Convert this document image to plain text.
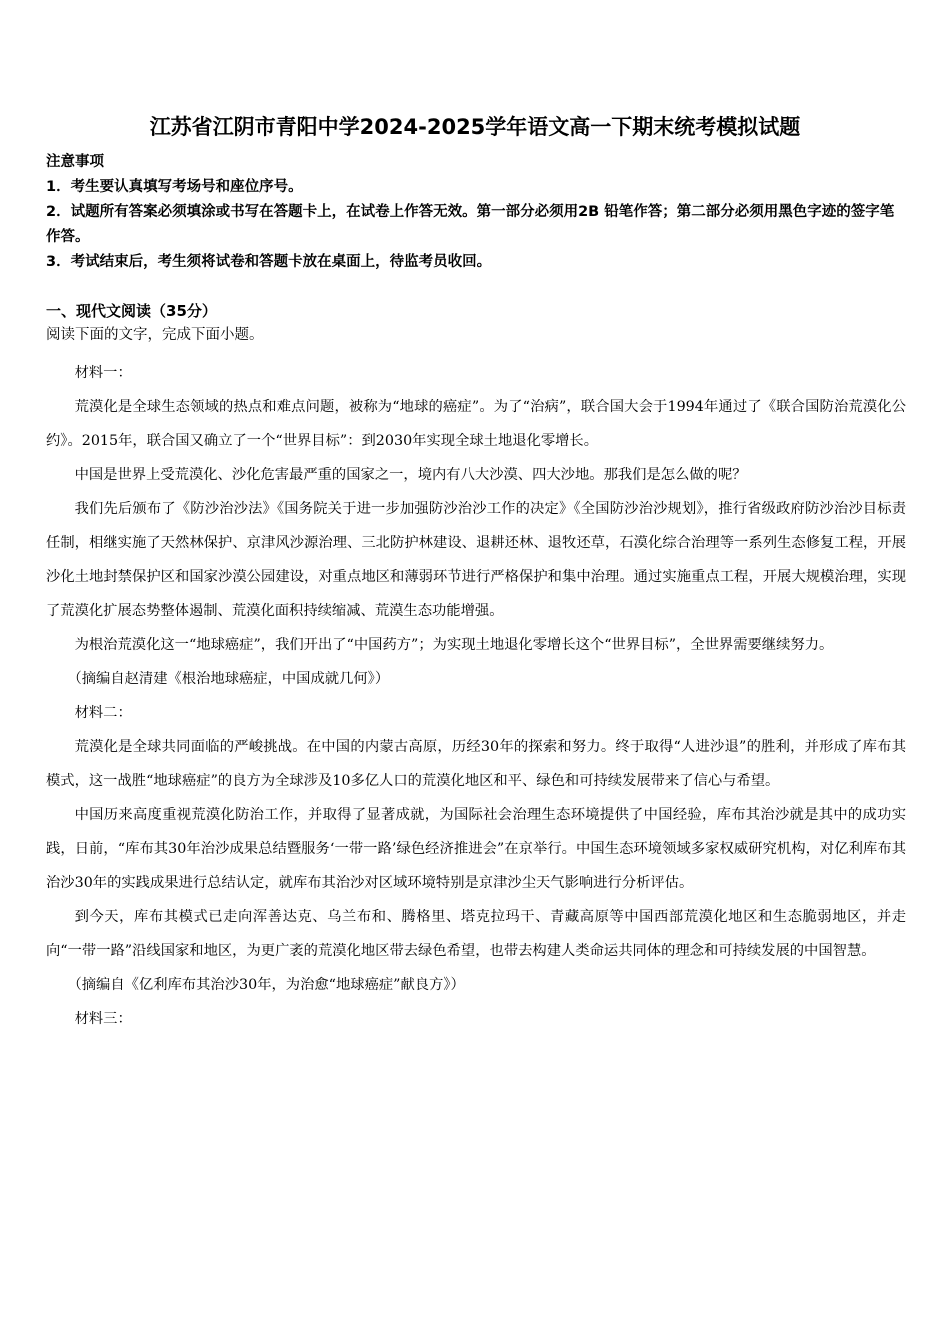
江苏省江阴市青阳中学2024-2025学年语文高一下期末统考模拟试题
注意事项
1．考生要认真填写考场号和座位序号。
2．试题所有答案必须填涂或书写在答题卡上，在试卷上作答无效。第一部分必须用2B 铅笔作答；第二部分必须用黑色字迹的签字笔作答。
3．考试结束后，考生须将试卷和答题卡放在桌面上，待监考员收回。
一、现代文阅读（35分）
阅读下面的文字，完成下面小题。

材料一：

荒漠化是全球生态领域的热点和难点问题，被称为“地球的癌症”。为了“治病”，联合国大会于1994年通过了《联合国防治荒漠化公约》。2015年，联合国又确立了一个“世界目标”：到2030年实现全球土地退化零增长。

中国是世界上受荒漠化、沙化危害最严重的国家之一，境内有八大沙漠、四大沙地。那我们是怎么做的呢？

我们先后颁布了《防沙治沙法》《国务院关于进一步加强防沙治沙工作的决定》《全国防沙治沙规划》，推行省级政府防沙治沙目标责任制，相继实施了天然林保护、京津风沙源治理、三北防护林建设、退耕还林、退牧还草，石漠化综合治理等一系列生态修复工程，开展沙化土地封禁保护区和国家沙漠公园建设，对重点地区和薄弱环节进行严格保护和集中治理。通过实施重点工程，开展大规模治理，实现了荒漠化扩展态势整体遏制、荒漠化面积持续缩减、荒漠生态功能增强。

为根治荒漠化这一“地球癌症”，我们开出了“中国药方”；为实现土地退化零增长这个“世界目标”，全世界需要继续努力。

（摘编自赵清建《根治地球癌症，中国成就几何》）

材料二：

荒漠化是全球共同面临的严峻挑战。在中国的内蒙古高原，历经30年的探索和努力。终于取得“人进沙退”的胜利，并形成了库布其模式，这一战胜“地球癌症”的良方为全球涉及10多亿人口的荒漠化地区和平、绿色和可持续发展带来了信心与希望。

中国历来高度重视荒漠化防治工作，并取得了显著成就，为国际社会治理生态环境提供了中国经验，库布其治沙就是其中的成功实践，日前，“库布其30年治沙成果总结暨服务‘一带一路’绿色经济推进会”在京举行。中国生态环境领域多家权威研究机构，对亿利库布其治沙30年的实践成果进行总结认定，就库布其治沙对区域环境特别是京津沙尘天气影响进行分析评估。

到今天，库布其模式已走向浑善达克、乌兰布和、腾格里、塔克拉玛干、青藏高原等中国西部荒漠化地区和生态脆弱地区，并走向“一带一路”沿线国家和地区，为更广袤的荒漠化地区带去绿色希望，也带去构建人类命运共同体的理念和可持续发展的中国智慧。

（摘编自《亿利库布其治沙30年，为治愈“地球癌症”献良方》）

材料三：
